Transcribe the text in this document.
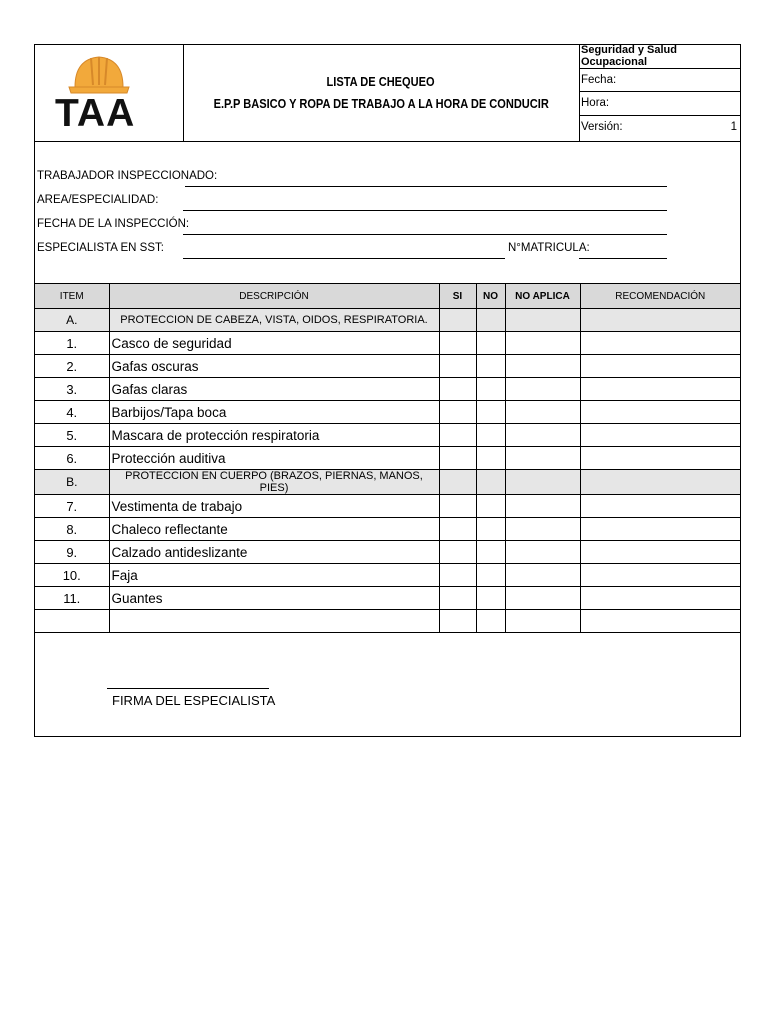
TAA
LISTA DE CHEQUEO
E.P.P BASICO Y ROPA DE TRABAJO A LA HORA DE CONDUCIR
Seguridad y Salud Ocupacional
Fecha:
Hora:
Versión:	1
TRABAJADOR INSPECCIONADO:
AREA/ESPECIALIDAD:
FECHA DE LA INSPECCIÓN:
ESPECIALISTA EN SST:	N°MATRICULA:
ITEM	DESCRIPCIÓN	SI	NO	NO APLICA	RECOMENDACIÓN
A.	PROTECCION DE CABEZA, VISTA, OIDOS, RESPIRATORIA.				
1.	Casco de seguridad				
2.	Gafas oscuras				
3.	Gafas claras				
4.	Barbijos/Tapa boca				
5.	Mascara de protección respiratoria				
6.	Protección auditiva				
B.	PROTECCION EN CUERPO (BRAZOS, PIERNAS, MANOS, PIES)				
7.	Vestimenta de trabajo				
8.	Chaleco reflectante				
9.	Calzado antideslizante				
10.	Faja				
11.	Guantes				

FIRMA DEL ESPECIALISTA
